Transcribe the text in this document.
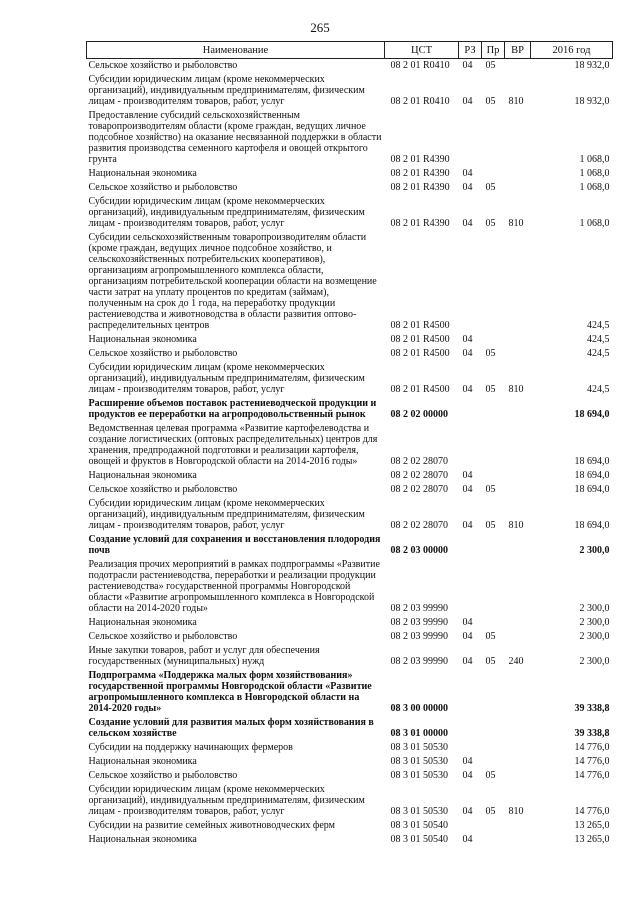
265
Наименование	ЦСТ	РЗ	Пр	ВР	2016 год
Сельское хозяйство и рыболовство	08 2 01 R0410	04	05		18 932,0
Субсидии юридическим лицам (кроме некоммерческих организаций), индивидуальным предпринимателям, физическим лицам - производителям товаров, работ, услуг	08 2 01 R0410	04	05	810	18 932,0
Предоставление субсидий сельскохозяйственным товаропроизводителям области (кроме граждан, ведущих личное подсобное хозяйство) на оказание несвязанной поддержки в области развития производства семенного картофеля и овощей открытого грунта	08 2 01 R4390				1 068,0
Национальная экономика	08 2 01 R4390	04			1 068,0
Сельское хозяйство и рыболовство	08 2 01 R4390	04	05		1 068,0
Субсидии юридическим лицам (кроме некоммерческих организаций), индивидуальным предпринимателям, физическим лицам - производителям товаров, работ, услуг	08 2 01 R4390	04	05	810	1 068,0
Субсидии сельскохозяйственным товаропроизводителям области (кроме граждан, ведущих личное подсобное хозяйство, и сельскохозяйственных потребительских кооперативов), организациям агропромышленного комплекса области, организациям потребительской кооперации области на возмещение части затрат на уплату процентов по кредитам (займам), полученным на срок до 1 года, на переработку продукции растениеводства и животноводства в области развития оптово-распределительных центров	08 2 01 R4500				424,5
Национальная экономика	08 2 01 R4500	04			424,5
Сельское хозяйство и рыболовство	08 2 01 R4500	04	05		424,5
Субсидии юридическим лицам (кроме некоммерческих организаций), индивидуальным предпринимателям, физическим лицам - производителям товаров, работ, услуг	08 2 01 R4500	04	05	810	424,5
Расширение объемов поставок растениеводческой продукции и продуктов ее переработки на агропродовольственный рынок	08 2 02 00000				18 694,0
Ведомственная целевая программа «Развитие картофелеводства и создание логистических (оптовых распределительных) центров для хранения, предпродажной подготовки и реализации картофеля, овощей и фруктов в Новгородской области на 2014-2016 годы»	08 2 02 28070				18 694,0
Национальная экономика	08 2 02 28070	04			18 694,0
Сельское хозяйство и рыболовство	08 2 02 28070	04	05		18 694,0
Субсидии юридическим лицам (кроме некоммерческих организаций), индивидуальным предпринимателям, физическим лицам - производителям товаров, работ, услуг	08 2 02 28070	04	05	810	18 694,0
Создание условий для сохранения и восстановления плодородия почв	08 2 03 00000				2 300,0
Реализация прочих мероприятий в рамках подпрограммы «Развитие подотрасли растениеводства, переработки и реализации продукции растениеводства» государственной программы Новгородской области «Развитие агропромышленного комплекса в Новгородской области на 2014-2020 годы»	08 2 03 99990				2 300,0
Национальная экономика	08 2 03 99990	04			2 300,0
Сельское хозяйство и рыболовство	08 2 03 99990	04	05		2 300,0
Иные закупки товаров, работ и услуг для обеспечения государственных (муниципальных) нужд	08 2 03 99990	04	05	240	2 300,0
Подпрограмма «Поддержка малых форм хозяйствования» государственной программы Новгородской области «Развитие агропромышленного комплекса в Новгородской области на 2014-2020 годы»	08 3 00 00000				39 338,8
Создание условий для развития малых форм хозяйствования в сельском хозяйстве	08 3 01 00000				39 338,8
Субсидии на поддержку начинающих фермеров	08 3 01 50530				14 776,0
Национальная экономика	08 3 01 50530	04			14 776,0
Сельское хозяйство и рыболовство	08 3 01 50530	04	05		14 776,0
Субсидии юридическим лицам (кроме некоммерческих организаций), индивидуальным предпринимателям, физическим лицам - производителям товаров, работ, услуг	08 3 01 50530	04	05	810	14 776,0
Субсидии на развитие семейных животноводческих ферм	08 3 01 50540				13 265,0
Национальная экономика	08 3 01 50540	04			13 265,0
